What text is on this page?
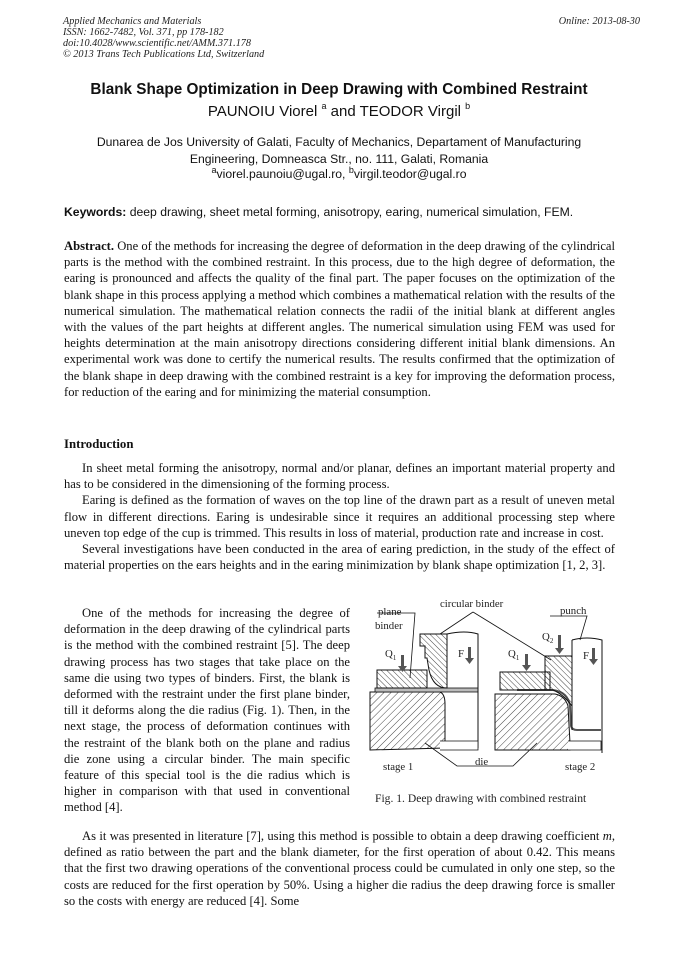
Applied Mechanics and Materials
ISSN: 1662-7482, Vol. 371, pp 178-182
doi:10.4028/www.scientific.net/AMM.371.178
© 2013 Trans Tech Publications Ltd, Switzerland
Online: 2013-08-30
Blank Shape Optimization in Deep Drawing with Combined Restraint
PAUNOIU Viorel $^a$ and TEODOR Virgil $^b$
Dunarea de Jos University of Galati, Faculty of Mechanics, Departament of Manufacturing
Engineering, Domneasca Str., no. 111, Galati, Romania
$^a$viorel.paunoiu@ugal.ro, $^b$virgil.teodor@ugal.ro
Keywords: deep drawing, sheet metal forming, anisotropy, earing, numerical simulation, FEM.

Abstract. One of the methods for increasing the degree of deformation in the deep drawing of the cylindrical parts is the method with the combined restraint. In this process, due to the high degree of deformation, the earing is pronounced and affects the quality of the final part. The paper focuses on the optimization of the blank shape in this process applying a method which combines a mathematical relation with the results of the numerical simulation. The mathematical relation connects the radii of the initial blank at different angles with the values of the part heights at different angles. The numerical simulation using FEM was used for heights determination at the main anisotropy directions considering different initial blank dimensions. An experimental work was done to certify the numerical results. The results confirmed that the optimization of the blank shape in deep drawing with the combined restraint is a key for improving the deformation process, for reduction of the earing and for minimizing the material consumption.

Introduction

In sheet metal forming the anisotropy, normal and/or planar, defines an important material property and has to be considered in the dimensioning of the forming process.

Earing is defined as the formation of waves on the top line of the drawn part as a result of uneven metal flow in different directions. Earing is undesirable since it requires an additional processing step where uneven top edge of the cup is trimmed. This results in loss of material, production rate and increase in cost.

Several investigations have been conducted in the area of earing prediction, in the study of the effect of material properties on the ears heights and in the earing minimization by blank shape optimization [1, 2, 3].

One of the methods for increasing the degree of deformation in the deep drawing of the cylindrical parts is the method with the combined restraint [5]. The deep drawing process has two stages that take place on the same die using two types of binders. First, the blank is deformed with the restraint under the first plane binder, till it deforms along the die radius (Fig. 1). Then, in the next stage, the process of deformation continues with the restraint of the blank both on the plane and radius die zone using a circular binder. The main specific feature of this special tool is the die radius which is higher in comparison with that used in conventional method [4].

circular binder
plane
binder
punch
$Q_1$	F	$Q_1$
$Q_2$
F
die
stage 1	stage 2
Fig. 1. Deep drawing with combined restraint

As it was presented in literature [7], using this method is possible to obtain a deep drawing coefficient m, defined as ratio between the part and the blank diameter, for the first operation of about 0.42. This means that the first two drawing operations of the conventional process could be cumulated in only one step, so the costs are reduced for the first operation by 50%. Using a higher die radius the deep drawing force is smaller so the costs with energy are reduced [4]. Some
